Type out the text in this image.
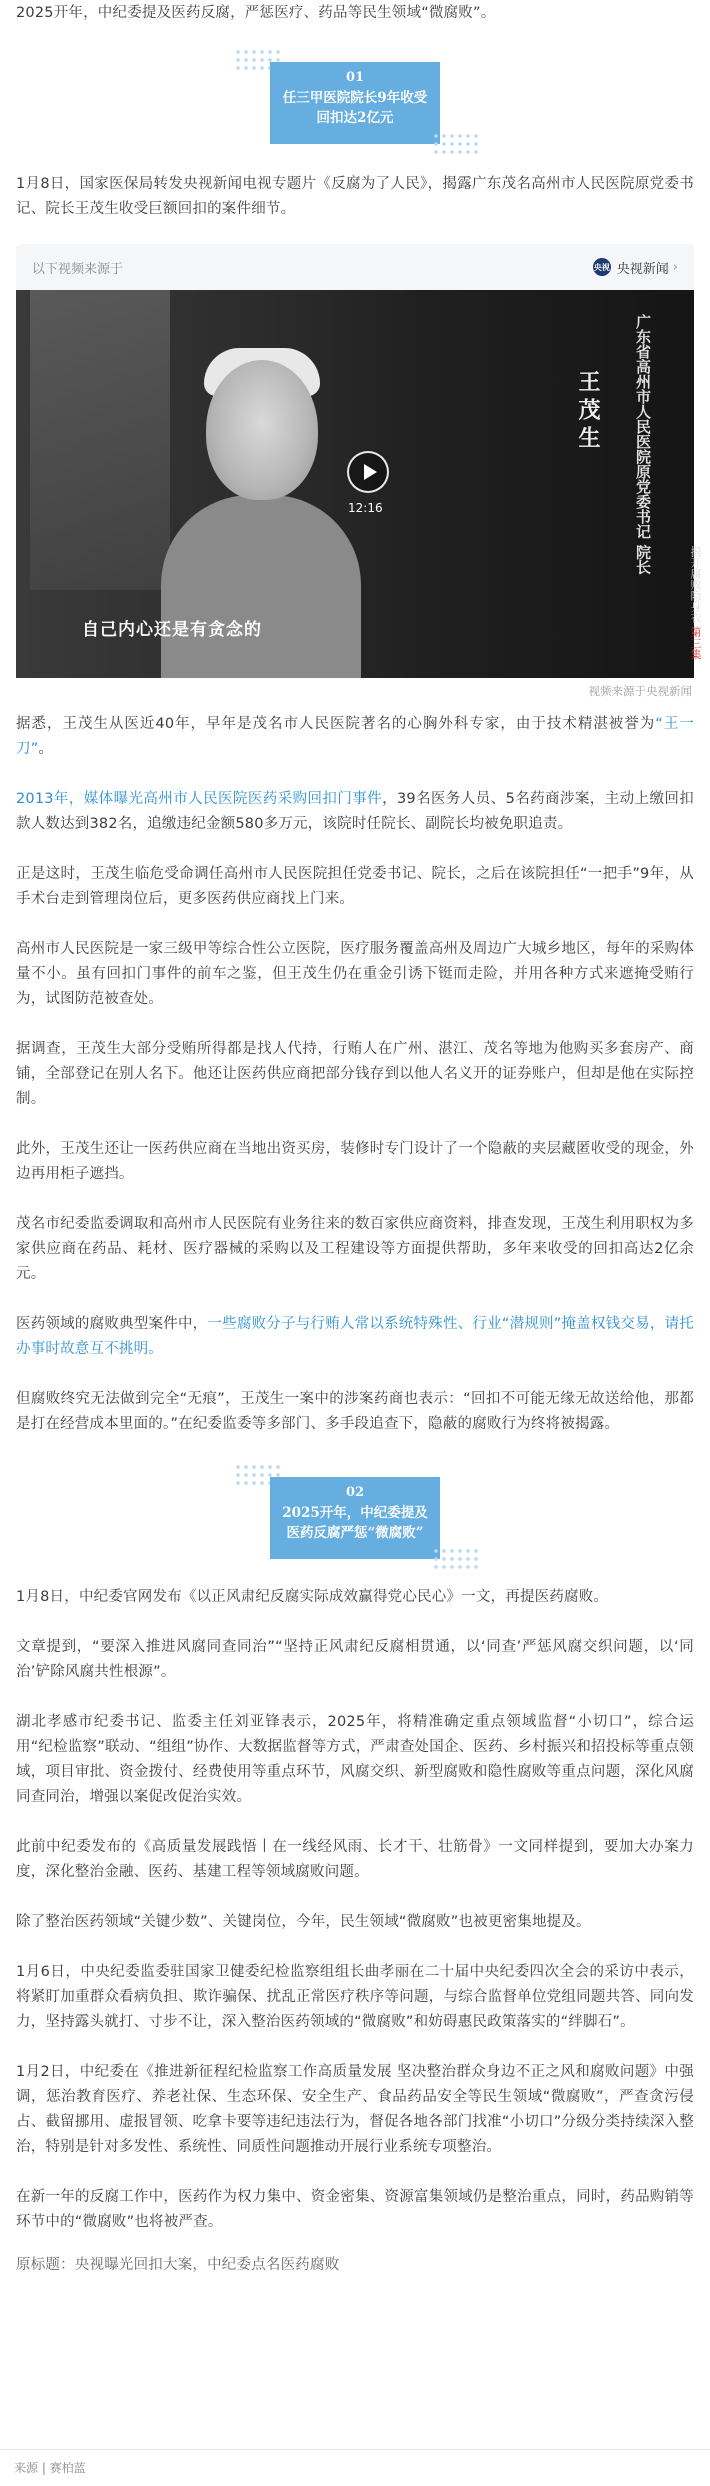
2025开年，中纪委提及医药反腐，严惩医疗、药品等民生领域“微腐败”。

01
任三甲医院院长9年收受回扣达2亿元

1月8日，国家医保局转发央视新闻电视专题片《反腐为了人民》，揭露广东茂名高州市人民医院原党委书记、院长王茂生收受巨额回扣的案件细节。

以下视频来源于	央视 央视新闻 ›
王茂生	广东省高州市人民医院原党委书记 院长
揭开腐败隐身衣 第三集
自己内心还是有贪念的
12:16
视频来源于央视新闻

据悉，王茂生从医近40年，早年是茂名市人民医院著名的心胸外科专家，由于技术精湛被誉为“王一刀”。

2013年，媒体曝光高州市人民医院医药采购回扣门事件，39名医务人员、5名药商涉案，主动上缴回扣款人数达到382名，追缴违纪金额580多万元，该院时任院长、副院长均被免职追责。

正是这时，王茂生临危受命调任高州市人民医院担任党委书记、院长，之后在该院担任“一把手”9年，从手术台走到管理岗位后，更多医药供应商找上门来。

高州市人民医院是一家三级甲等综合性公立医院，医疗服务覆盖高州及周边广大城乡地区，每年的采购体量不小。虽有回扣门事件的前车之鉴，但王茂生仍在重金引诱下铤而走险，并用各种方式来遮掩受贿行为，试图防范被查处。

据调查，王茂生大部分受贿所得都是找人代持，行贿人在广州、湛江、茂名等地为他购买多套房产、商铺，全部登记在别人名下。他还让医药供应商把部分钱存到以他人名义开的证券账户，但却是他在实际控制。

此外，王茂生还让一医药供应商在当地出资买房，装修时专门设计了一个隐蔽的夹层藏匿收受的现金，外边再用柜子遮挡。

茂名市纪委监委调取和高州市人民医院有业务往来的数百家供应商资料，排查发现，王茂生利用职权为多家供应商在药品、耗材、医疗器械的采购以及工程建设等方面提供帮助，多年来收受的回扣高达2亿余元。

医药领域的腐败典型案件中，一些腐败分子与行贿人常以系统特殊性、行业“潜规则”掩盖权钱交易，请托办事时故意互不挑明。

但腐败终究无法做到完全“无痕”，王茂生一案中的涉案药商也表示：“回扣不可能无缘无故送给他，那都是打在经营成本里面的。”在纪委监委等多部门、多手段追查下，隐蔽的腐败行为终将被揭露。

02
2025开年，中纪委提及医药反腐严惩“微腐败”

1月8日，中纪委官网发布《以正风肃纪反腐实际成效赢得党心民心》一文，再提医药腐败。

文章提到，“要深入推进风腐同查同治”“坚持正风肃纪反腐相贯通，以‘同查’严惩风腐交织问题，以‘同治’铲除风腐共性根源”。

湖北孝感市纪委书记、监委主任刘亚锋表示，2025年，将精准确定重点领域监督“小切口”，综合运用“纪检监察”联动、“组组”协作、大数据监督等方式，严肃查处国企、医药、乡村振兴和招投标等重点领域，项目审批、资金拨付、经费使用等重点环节，风腐交织、新型腐败和隐性腐败等重点问题，深化风腐同查同治，增强以案促改促治实效。

此前中纪委发布的《高质量发展践悟丨在一线经风雨、长才干、壮筋骨》一文同样提到，要加大办案力度，深化整治金融、医药、基建工程等领域腐败问题。

除了整治医药领域“关键少数”、关键岗位，今年，民生领域“微腐败”也被更密集地提及。

1月6日，中央纪委监委驻国家卫健委纪检监察组组长曲孝丽在二十届中央纪委四次全会的采访中表示，将紧盯加重群众看病负担、欺诈骗保、扰乱正常医疗秩序等问题，与综合监督单位党组同题共答、同向发力，坚持露头就打、寸步不让，深入整治医药领域的“微腐败”和妨碍惠民政策落实的“绊脚石”。

1月2日，中纪委在《推进新征程纪检监察工作高质量发展 坚决整治群众身边不正之风和腐败问题》中强调，惩治教育医疗、养老社保、生态环保、安全生产、食品药品安全等民生领域“微腐败”，严查贪污侵占、截留挪用、虚报冒领、吃拿卡要等违纪违法行为，督促各地各部门找准“小切口”分级分类持续深入整治，特别是针对多发性、系统性、同质性问题推动开展行业系统专项整治。

在新一年的反腐工作中，医药作为权力集中、资金密集、资源富集领域仍是整治重点，同时，药品购销等环节中的“微腐败”也将被严查。

原标题：央视曝光回扣大案，中纪委点名医药腐败

来源 | 赛柏蓝
